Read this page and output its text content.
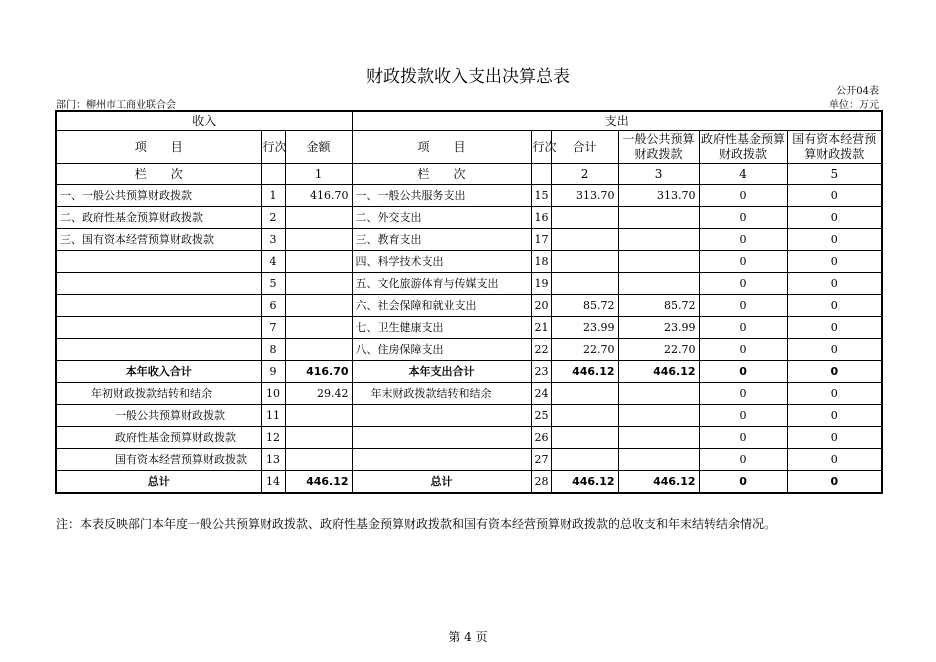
财政拨款收入支出决算总表
公开04表
部门：柳州市工商业联合会	单位：万元
收入			支出					
项　　目	行次	金额	项　　目	行次	合计	一般公共预算财政拨款	政府性基金预算财政拨款	国有资本经营预算财政拨款
栏　　次		1	栏　　次		2	3	4	5
一、一般公共预算财政拨款	1	416.70	一、一般公共服务支出	15	313.70	313.70	0	0
二、政府性基金预算财政拨款	2		二、外交支出	16			0	0
三、国有资本经营预算财政拨款	3		三、教育支出	17			0	0
	4		四、科学技术支出	18			0	0
	5		五、文化旅游体育与传媒支出	19			0	0
	6		六、社会保障和就业支出	20	85.72	85.72	0	0
	7		七、卫生健康支出	21	23.99	23.99	0	0
	8		八、住房保障支出	22	22.70	22.70	0	0
本年收入合计	9	416.70	本年支出合计	23	446.12	446.12	0	0
年初财政拨款结转和结余	10	29.42	年末财政拨款结转和结余	24			0	0
一般公共预算财政拨款	11			25			0	0
政府性基金预算财政拨款	12			26			0	0
国有资本经营预算财政拨款	13			27			0	0
总计	14	446.12	总计	28	446.12	446.12	0	0
注：本表反映部门本年度一般公共预算财政拨款、政府性基金预算财政拨款和国有资本经营预算财政拨款的总收支和年末结转结余情况。
第 4 页
